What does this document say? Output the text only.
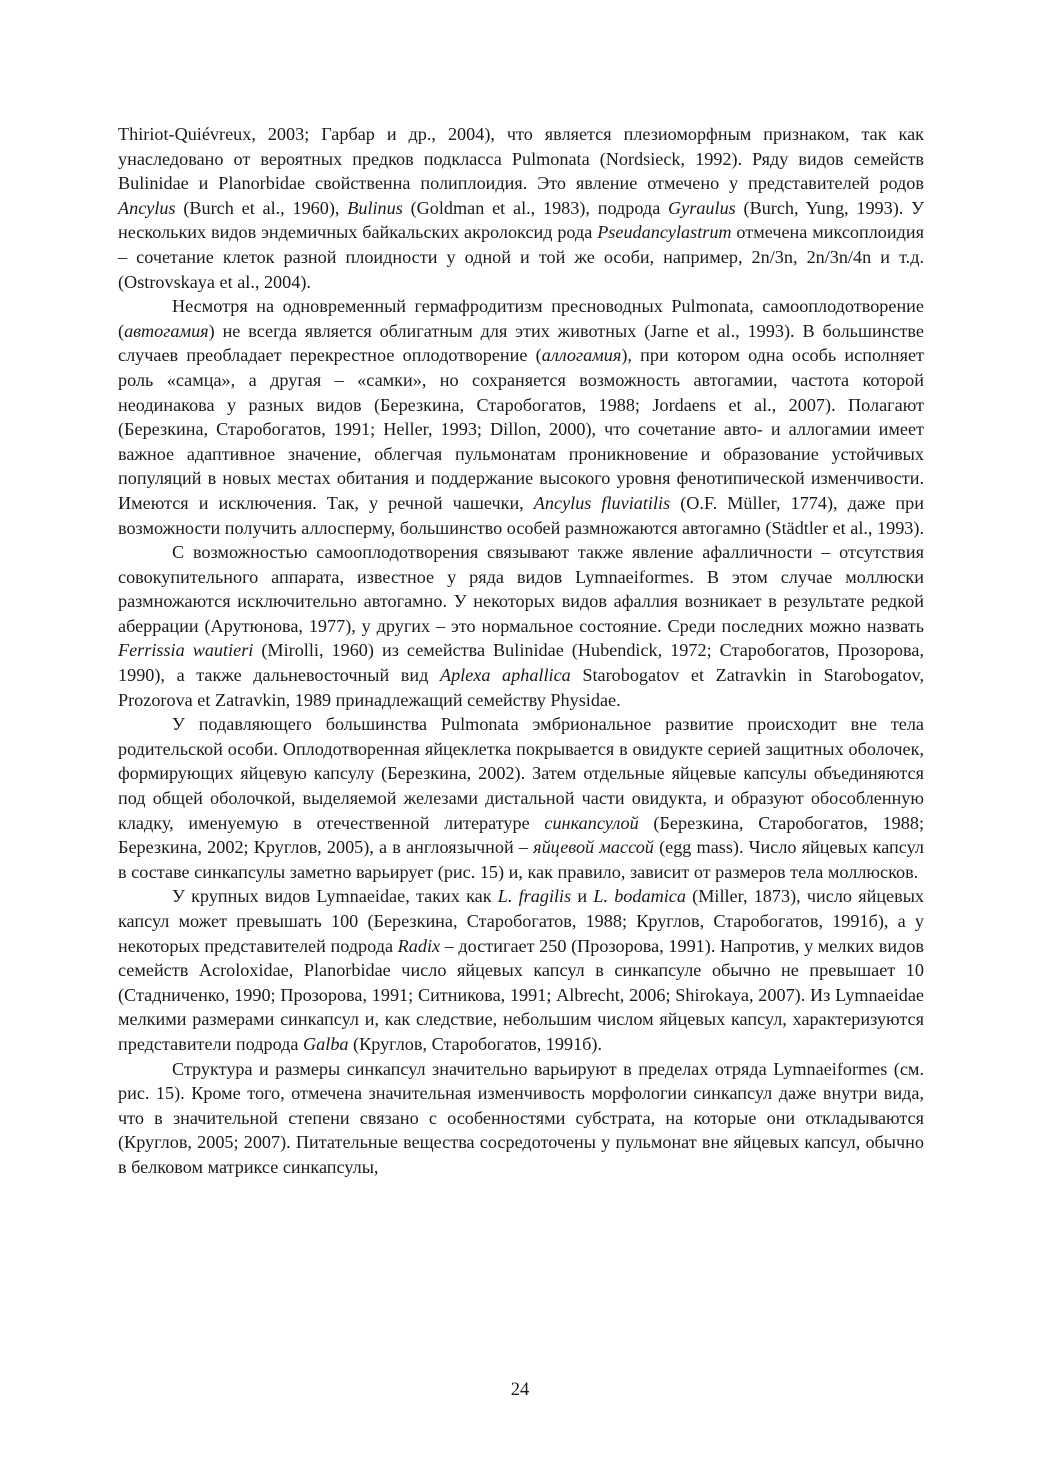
Thiriot-Quiévreux, 2003; Гарбар и др., 2004), что является плезиоморфным признаком, так как унаследовано от вероятных предков подкласса Pulmonata (Nordsieck, 1992). Ряду видов семейств Bulinidae и Planorbidae свойственна полиплоидия. Это явление отмечено у представителей родов Ancylus (Burch et al., 1960), Bulinus (Goldman et al., 1983), подрода Gyraulus (Burch, Yung, 1993). У нескольких видов эндемичных байкальских акролоксид рода Pseudancylastrum отмечена миксоплоидия – сочетание клеток разной плоидности у одной и той же особи, например, 2n/3n, 2n/3n/4n и т.д. (Ostrovskaya et al., 2004).

Несмотря на одновременный гермафродитизм пресноводных Pulmonata, самооплодотворение (автогамия) не всегда является облигатным для этих животных (Jarne et al., 1993). В большинстве случаев преобладает перекрестное оплодотворение (аллогамия), при котором одна особь исполняет роль «самца», а другая – «самки», но сохраняется возможность автогамии, частота которой неодинакова у разных видов (Березкина, Старобогатов, 1988; Jordaens et al., 2007). Полагают (Березкина, Старобогатов, 1991; Heller, 1993; Dillon, 2000), что сочетание авто- и аллогамии имеет важное адаптивное значение, облегчая пульмонатам проникновение и образование устойчивых популяций в новых местах обитания и поддержание высокого уровня фенотипической изменчивости. Имеются и исключения. Так, у речной чашечки, Ancylus fluviatilis (O.F. Müller, 1774), даже при возможности получить аллосперму, большинство особей размножаются автогамно (Städtler et al., 1993).

С возможностью самооплодотворения связывают также явление афалличности – отсутствия совокупительного аппарата, известное у ряда видов Lymnaeiformes. В этом случае моллюски размножаются исключительно автогамно. У некоторых видов афаллия возникает в результате редкой аберрации (Арутюнова, 1977), у других – это нормальное состояние. Среди последних можно назвать Ferrissia wautieri (Mirolli, 1960) из семейства Bulinidae (Hubendick, 1972; Старобогатов, Прозорова, 1990), а также дальневосточный вид Aplexa aphallica Starobogatov et Zatravkin in Starobogatov, Prozorova et Zatravkin, 1989 принадлежащий семейству Physidae.

У подавляющего большинства Pulmonata эмбриональное развитие происходит вне тела родительской особи. Оплодотворенная яйцеклетка покрывается в овидукте серией защитных оболочек, формирующих яйцевую капсулу (Березкина, 2002). Затем отдельные яйцевые капсулы объединяются под общей оболочкой, выделяемой железами дистальной части овидукта, и образуют обособленную кладку, именуемую в отечественной литературе синкапсулой (Березкина, Старобогатов, 1988; Березкина, 2002; Круглов, 2005), а в англоязычной – яйцевой массой (egg mass). Число яйцевых капсул в составе синкапсулы заметно варьирует (рис. 15) и, как правило, зависит от размеров тела моллюсков.

У крупных видов Lymnaeidae, таких как L. fragilis и L. bodamica (Miller, 1873), число яйцевых капсул может превышать 100 (Березкина, Старобогатов, 1988; Круглов, Старобогатов, 1991б), а у некоторых представителей подрода Radix – достигает 250 (Прозорова, 1991). Напротив, у мелких видов семейств Acroloxidae, Planorbidae число яйцевых капсул в синкапсуле обычно не превышает 10 (Стадниченко, 1990; Прозорова, 1991; Ситникова, 1991; Albrecht, 2006; Shirokaya, 2007). Из Lymnaeidae мелкими размерами синкапсул и, как следствие, небольшим числом яйцевых капсул, характеризуются представители подрода Galba (Круглов, Старобогатов, 1991б).

Структура и размеры синкапсул значительно варьируют в пределах отряда Lymnaeiformes (см. рис. 15). Кроме того, отмечена значительная изменчивость морфологии синкапсул даже внутри вида, что в значительной степени связано с особенностями субстрата, на которые они откладываются (Круглов, 2005; 2007). Питательные вещества сосредоточены у пульмонат вне яйцевых капсул, обычно в белковом матриксе синкапсулы,

24
